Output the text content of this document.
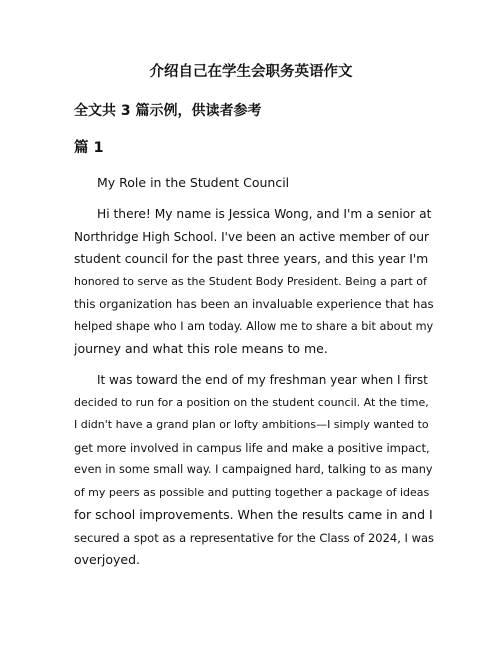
介绍自己在学生会职务英语作文

全文共 3 篇示例，供读者参考

篇 1

My Role in the Student Council

Hi there! My name is Jessica Wong, and I'm a senior at
Northridge High School. I've been an active member of our
student council for the past three years, and this year I'm
honored to serve as the Student Body President. Being a part of
this organization has been an invaluable experience that has
helped shape who I am today. Allow me to share a bit about my
journey and what this role means to me.
It was toward the end of my freshman year when I first
decided to run for a position on the student council. At the time,
I didn't have a grand plan or lofty ambitions—I simply wanted to
get more involved in campus life and make a positive impact,
even in some small way. I campaigned hard, talking to as many
of my peers as possible and putting together a package of ideas
for school improvements. When the results came in and I
secured a spot as a representative for the Class of 2024, I was
overjoyed.
